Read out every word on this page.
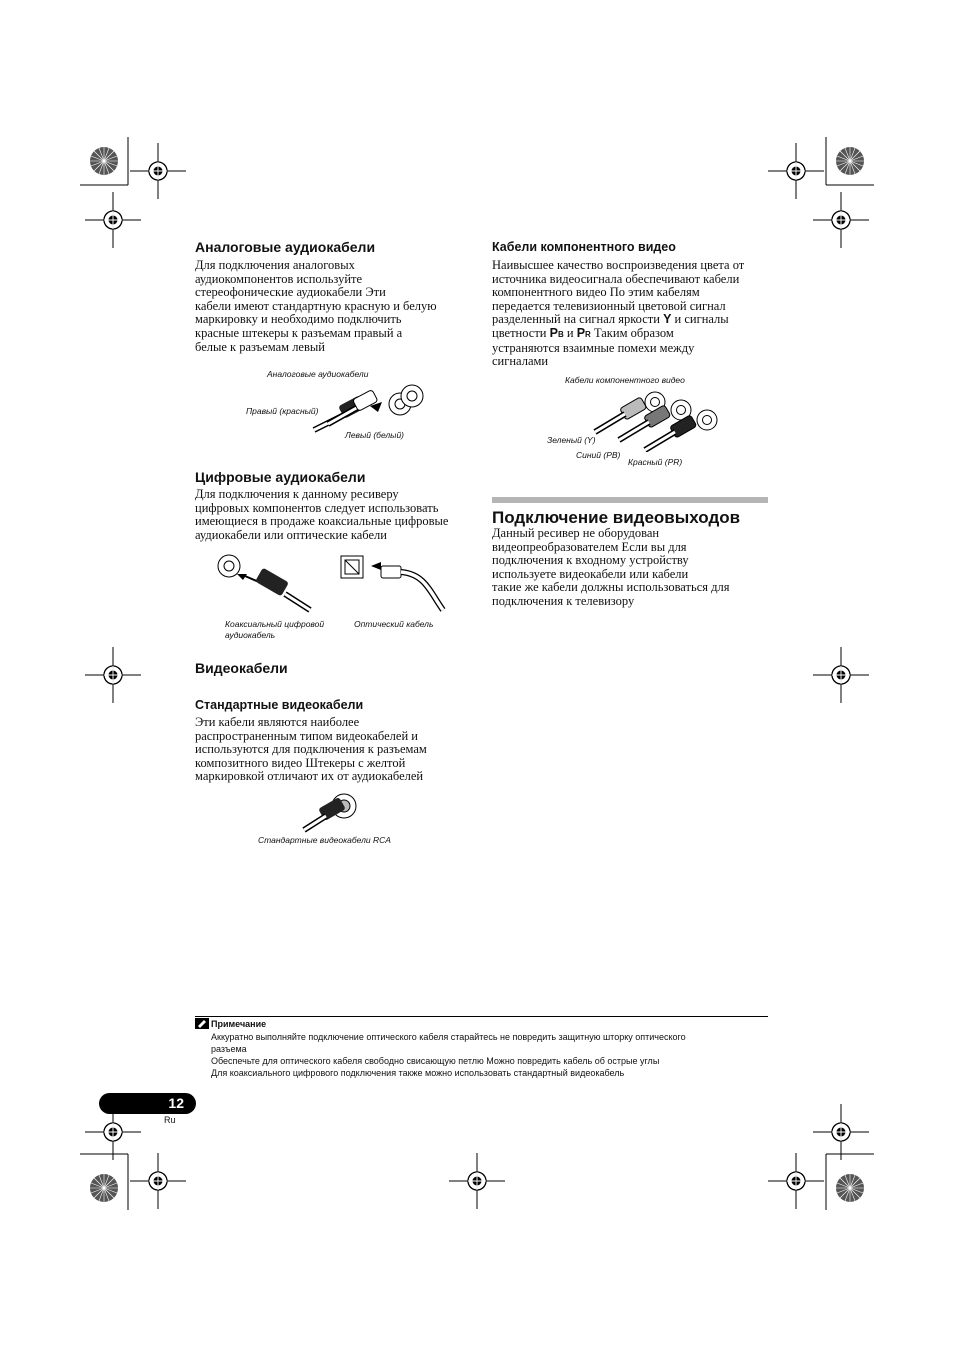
Аналоговые аудиокабели
Для подключения аналоговых
аудиокомпонентов используйте
стереофонические аудиокабели Эти
кабели имеют стандартную красную и белую
маркировку и необходимо подключить
красные штекеры к разъемам правый а
белые к разъемам левый
Аналоговые аудиокабели
Правый (красный)
Левый (белый)
Цифровые аудиокабели
Для подключения к данному ресиверу
цифровых компонентов следует использовать
имеющиеся в продаже коаксиальные цифровые
аудиокабели или оптические кабели
Коаксиальный цифровой
аудиокабель
Оптический кабель
Видеокабели
Стандартные видеокабели
Эти кабели являются наиболее
распространенным типом видеокабелей и
используются для подключения к разъемам
композитного видео Штекеры с желтой
маркировкой отличают их от аудиокабелей
Стандартные видеокабели RCA
Кабели компонентного видео
Наивысшее качество воспроизведения цвета от
источника видеосигнала обеспечивают кабели
компонентного видео По этим кабелям
передается телевизионный цветовой сигнал
разделенный на сигнал яркости Y и сигналы
цветности PB и PR Таким образом
устраняются взаимные помехи между
сигналами
Кабели компонентного видео
Зеленый (Y)
Синий (PB)
Красный (PR)
Подключение видеовыходов
Данный ресивер не оборудован
видеопреобразователем Если вы для
подключения к входному устройству
используете видеокабели или кабели
такие же кабели должны использоваться для
подключения к телевизору
Примечание
Аккуратно выполняйте подключение оптического кабеля старайтесь не повредить защитную шторку оптического
разъема
Обеспечьте для оптического кабеля свободно свисающую петлю Можно повредить кабель об острые углы
Для коаксиального цифрового подключения также можно использовать стандартный видеокабель
12
Ru
